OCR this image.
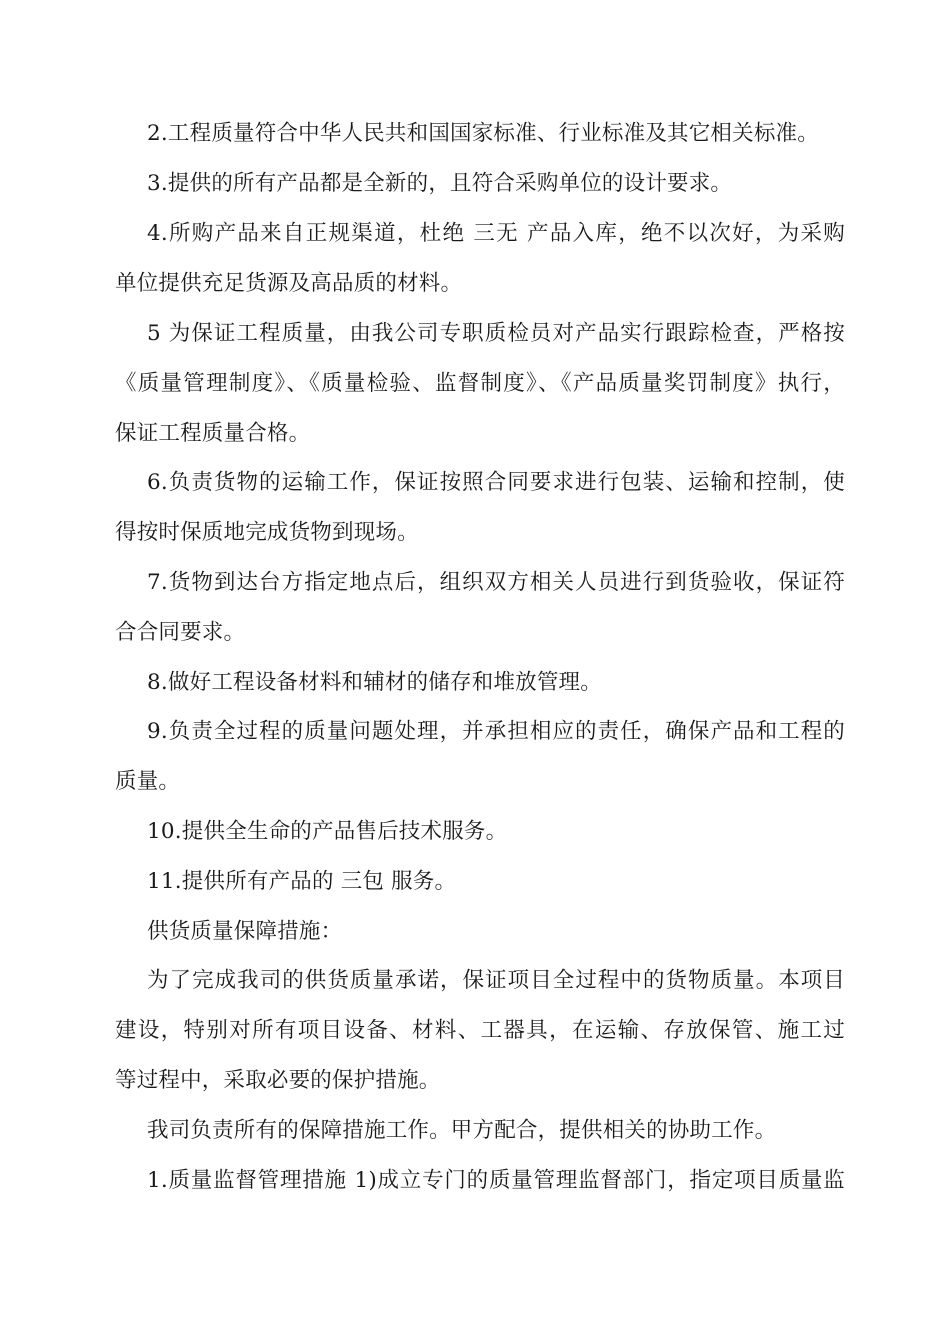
2.工程质量符合中华人民共和国国家标准、行业标准及其它相关标准。
3.提供的所有产品都是全新的，且符合采购单位的设计要求。
4.所购产品来自正规渠道，杜绝 三无 产品入库，绝不以次好，为采购
单位提供充足货源及高品质的材料。
5 为保证工程质量，由我公司专职质检员对产品实行跟踪检查，严格按
《质量管理制度》、《质量检验、监督制度》、《产品质量奖罚制度》执行，
保证工程质量合格。
6.负责货物的运输工作，保证按照合同要求进行包装、运输和控制，使
得按时保质地完成货物到现场。
7.货物到达台方指定地点后，组织双方相关人员进行到货验收，保证符
合合同要求。
8.做好工程设备材料和辅材的储存和堆放管理。
9.负责全过程的质量问题处理，并承担相应的责任，确保产品和工程的
质量。
10.提供全生命的产品售后技术服务。
11.提供所有产品的 三包 服务。
供货质量保障措施：
为了完成我司的供货质量承诺，保证项目全过程中的货物质量。本项目
建设，特别对所有项目设备、材料、工器具，在运输、存放保管、施工过
等过程中，采取必要的保护措施。
我司负责所有的保障措施工作。甲方配合，提供相关的协助工作。
1.质量监督管理措施 1)成立专门的质量管理监督部门，指定项目质量监
